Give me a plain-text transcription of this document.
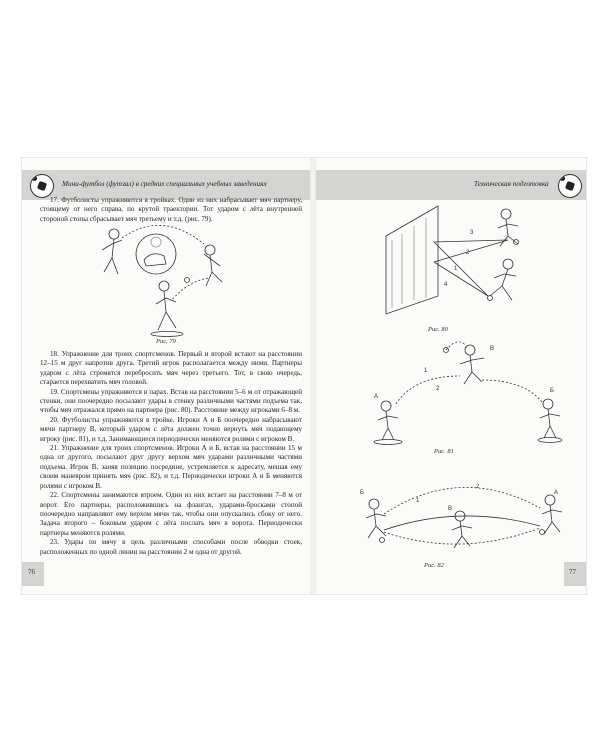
Мини-футбол (футзал) в средних специальных учебных заведениях	Техническая подготовка

17. Футболисты упражняются в тройках. Один из них набрасывает мяч партнеру, стоящему от него справа, по крутой траектории. Тот ударом с лёта внутренней стороной стопы сбрасывает мяч третьему и т.д. (рис. 79).

Рис. 79

18. Упражнение для троих спортсменов. Первый и второй встают на расстоянии 12–15 м друг напротив друга. Третий игрок располагается между ними. Партнеры ударом с лёта стремятся перебросить мяч через третьего. Тот, в свою очередь, старается перехватить мяч головой.

19. Спортсмены упражняются в парах. Встав на расстоянии 5–6 м от отражающей стенки, они поочередно посылают удары в стенку различными частями подъема так, чтобы мяч отражался прямо на партнера (рис. 80). Расстояние между игроками 6–8 м.

20. Футболисты упражняются в тройке. Игроки А и Б поочередно набрасывают мячи партнеру В, который ударом с лёта должен точно вернуть мяч подающему игроку (рис. 81), и т.д. Занимающиеся периодически меняются ролями с игроком В.

21. Упражнение для троих спортсменов. Игроки А и Б, встав на расстоянии 15 м одна от другого, посылают друг другу верхом мяч ударами различными частями подъема. Игрок В, заняв позицию посредине, устремляется к адресату, мешая ему своим маневром принять мяч (рис. 82), и т.д. Периодически игроки А и Б меняются ролями с игроком В.

22. Спортсмены занимаются втроем. Один из них встает на расстоянии 7–8 м от ворот. Его партнеры, расположившись на флангах, ударами-бросками стопой поочередно направляют ему верхом мячи так, чтобы они опускались сбоку от него. Задача второго – боковым ударом с лёта послать мяч в ворота. Периодически партнеры меняются ролями.

23. Удары по мячу в цель различными способами после обводки стоек, расположенных по одной линии на расстоянии 2 м одна от другой.

76
3
2
1
4
Рис. 80
В
А
Б
1
2
Рис. 81
Б
В
А
1
2
Рис. 82
77
